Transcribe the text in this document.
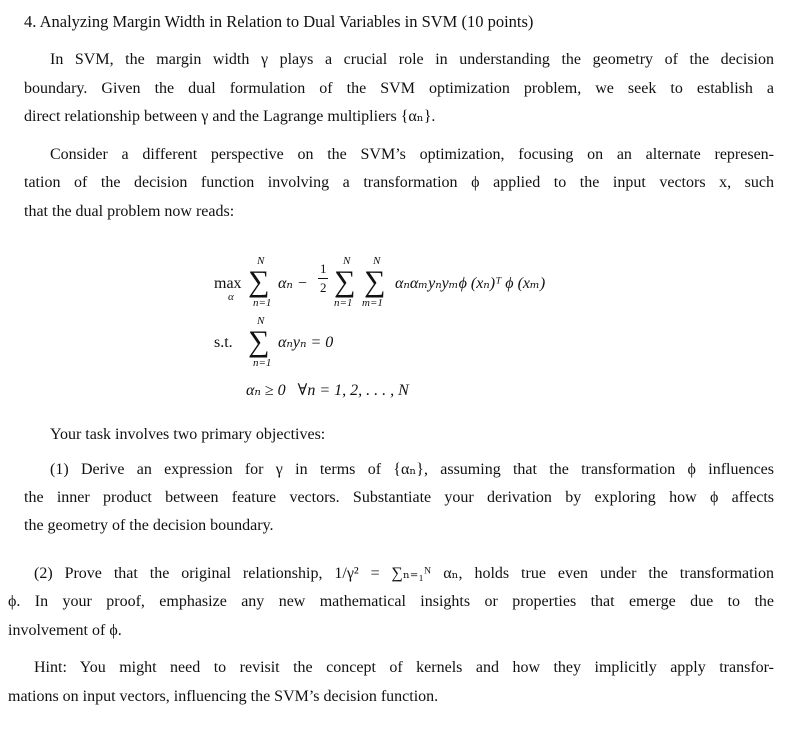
4. Analyzing Margin Width in Relation to Dual Variables in SVM (10 points)
In SVM, the margin width γ plays a crucial role in understanding the geometry of the decision
boundary. Given the dual formulation of the SVM optimization problem, we seek to establish a
direct relationship between γ and the Lagrange multipliers {αₙ}.
Consider a different perspective on the SVM’s optimization, focusing on an alternate represen-
tation of the decision function involving a transformation ϕ applied to the input vectors x, such
that the dual problem now reads:
max
α
N
∑
n=1
αₙ −
1
2
N
∑
n=1
N
∑
m=1
αₙαₘyₙyₘϕ (xₙ)ᵀ ϕ (xₘ)
s.t.
N
∑
n=1
αₙyₙ = 0
αₙ ≥ 0   ∀n = 1, 2, . . . , N
Your task involves two primary objectives:
(1) Derive an expression for γ in terms of {αₙ}, assuming that the transformation ϕ influences
the inner product between feature vectors. Substantiate your derivation by exploring how ϕ affects
the geometry of the decision boundary.
(2) Prove that the original relationship, 1/γ² = ∑ₙ₌₁ᴺ αₙ, holds true even under the transformation
ϕ. In your proof, emphasize any new mathematical insights or properties that emerge due to the
involvement of ϕ.
Hint: You might need to revisit the concept of kernels and how they implicitly apply transfor-
mations on input vectors, influencing the SVM’s decision function.
